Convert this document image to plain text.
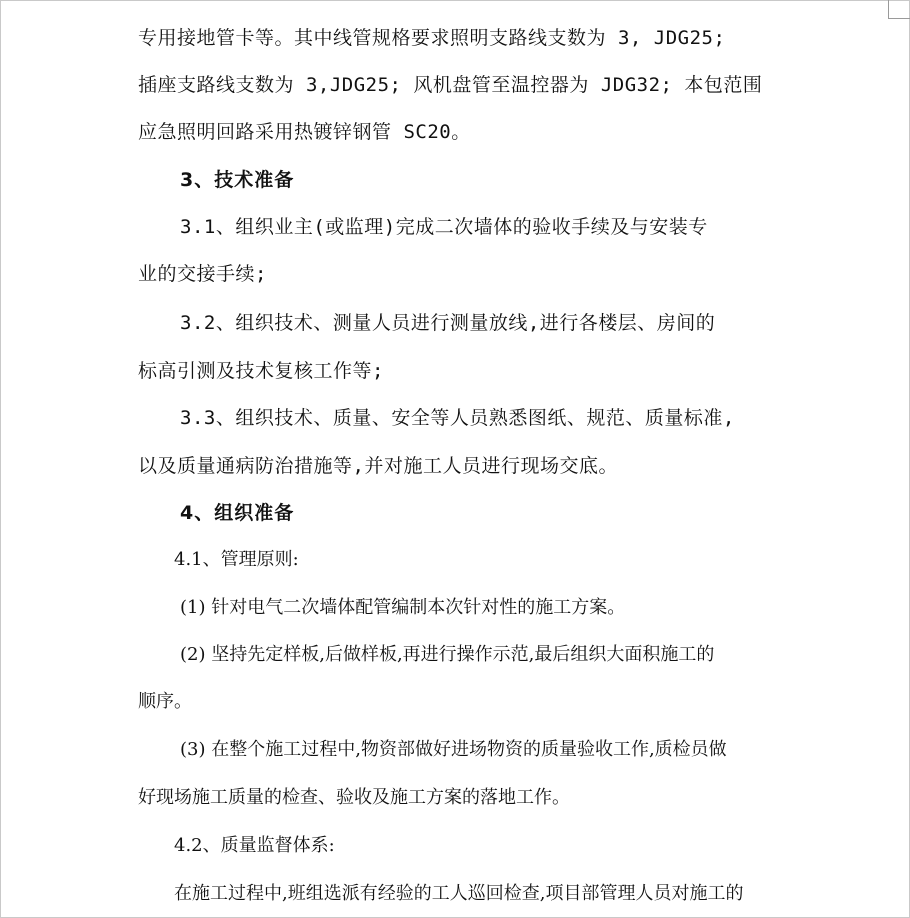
专用接地管卡等。其中线管规格要求照明支路线支数为 3, JDG25;
插座支路线支数为 3,JDG25; 风机盘管至温控器为 JDG32; 本包范围
应急照明回路采用热镀锌钢管 SC20。
3、技术准备
3.1、组织业主(或监理)完成二次墙体的验收手续及与安装专
业的交接手续;
3.2、组织技术、测量人员进行测量放线,进行各楼层、房间的
标高引测及技术复核工作等;
3.3、组织技术、质量、安全等人员熟悉图纸、规范、质量标准,
以及质量通病防治措施等,并对施工人员进行现场交底。
4、组织准备
4.1、管理原则:
(1) 针对电气二次墙体配管编制本次针对性的施工方案。
(2) 坚持先定样板,后做样板,再进行操作示范,最后组织大面积施工的
顺序。
(3) 在整个施工过程中,物资部做好进场物资的质量验收工作,质检员做
好现场施工质量的检查、验收及施工方案的落地工作。
4.2、质量监督体系:
在施工过程中,班组选派有经验的工人巡回检查,项目部管理人员对施工的
